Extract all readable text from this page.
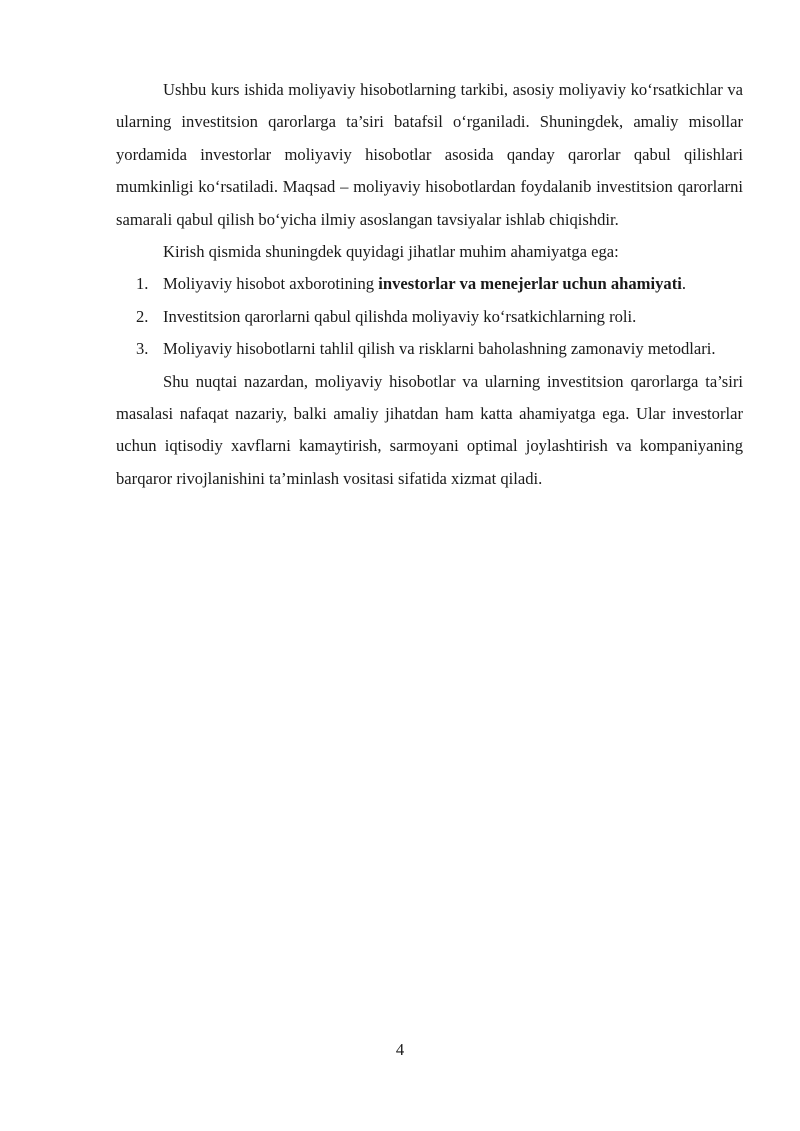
Ushbu kurs ishida moliyaviy hisobotlarning tarkibi, asosiy moliyaviy ko‘rsatkichlar va ularning investitsion qarorlarga ta’siri batafsil o‘rganiladi. Shuningdek, amaliy misollar yordamida investorlar moliyaviy hisobotlar asosida qanday qarorlar qabul qilishlari mumkinligi ko‘rsatiladi. Maqsad – moliyaviy hisobotlardan foydalanib investitsion qarorlarni samarali qabul qilish bo‘yicha ilmiy asoslangan tavsiyalar ishlab chiqishdir.

Kirish qismida shuningdek quyidagi jihatlar muhim ahamiyatga ega:

1. Moliyaviy hisobot axborotining investorlar va menejerlar uchun ahamiyati.
2. Investitsion qarorlarni qabul qilishda moliyaviy ko‘rsatkichlarning roli.
3. Moliyaviy hisobotlarni tahlil qilish va risklarni baholashning zamonaviy metodlari.

Shu nuqtai nazardan, moliyaviy hisobotlar va ularning investitsion qarorlarga ta’siri masalasi nafaqat nazariy, balki amaliy jihatdan ham katta ahamiyatga ega. Ular investorlar uchun iqtisodiy xavflarni kamaytirish, sarmoyani optimal joylashtirish va kompaniyaning barqaror rivojlanishini ta’minlash vositasi sifatida xizmat qiladi.

4
